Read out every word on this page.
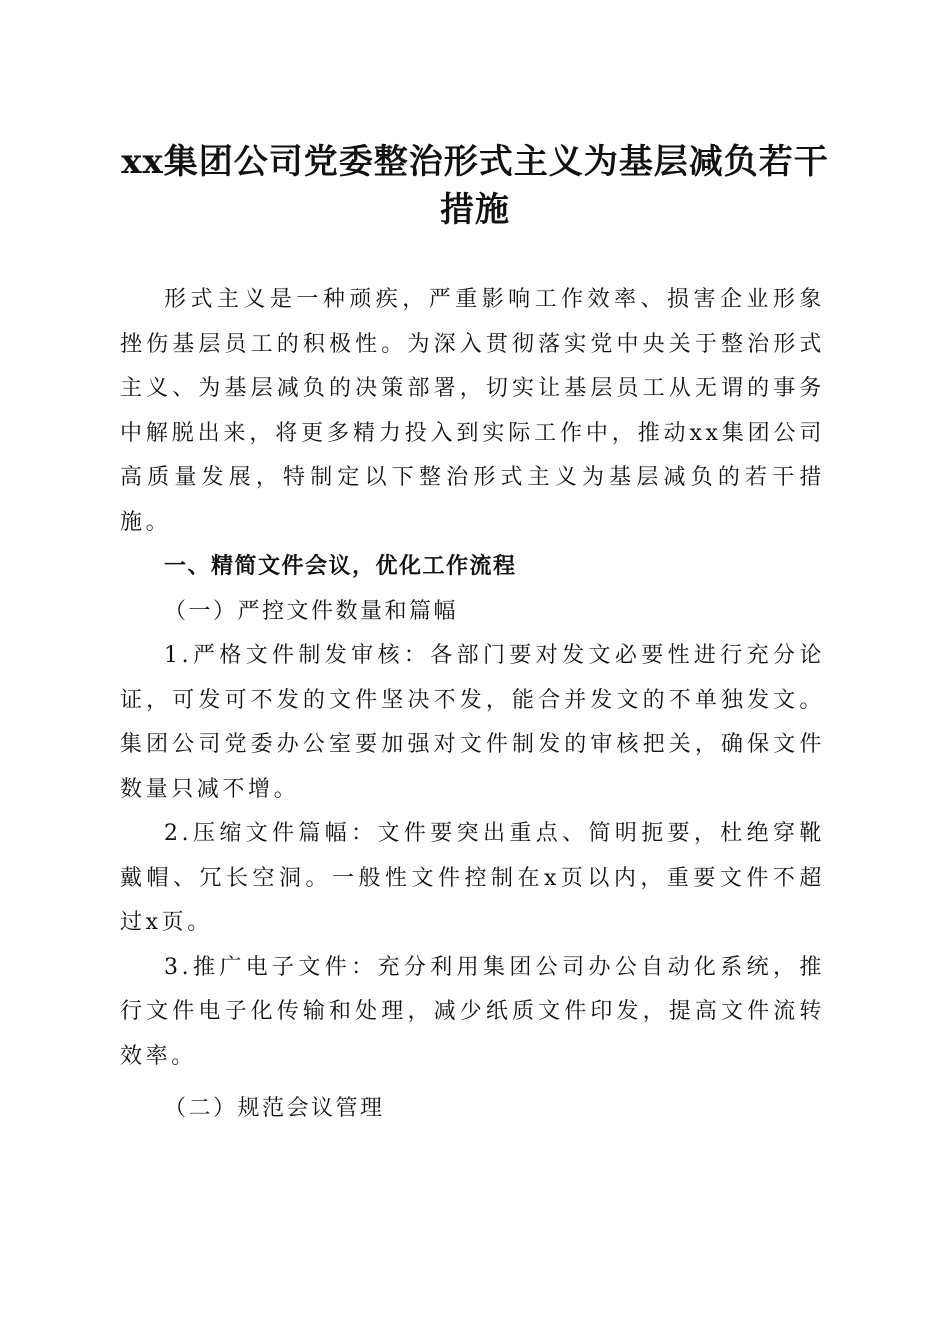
xx集团公司党委整治形式主义为基层减负若干措施

形式主义是一种顽疾，严重影响工作效率、损害企业形象挫伤基层员工的积极性。为深入贯彻落实党中央关于整治形式主义、为基层减负的决策部署，切实让基层员工从无谓的事务中解脱出来，将更多精力投入到实际工作中，推动xx集团公司高质量发展，特制定以下整治形式主义为基层减负的若干措施。

一、精简文件会议，优化工作流程

（一）严控文件数量和篇幅

1.严格文件制发审核：各部门要对发文必要性进行充分论证，可发可不发的文件坚决不发，能合并发文的不单独发文。集团公司党委办公室要加强对文件制发的审核把关，确保文件数量只减不增。

2.压缩文件篇幅：文件要突出重点、简明扼要，杜绝穿靴戴帽、冗长空洞。一般性文件控制在x页以内，重要文件不超过x页。

3.推广电子文件：充分利用集团公司办公自动化系统，推行文件电子化传输和处理，减少纸质文件印发，提高文件流转效率。

（二）规范会议管理
